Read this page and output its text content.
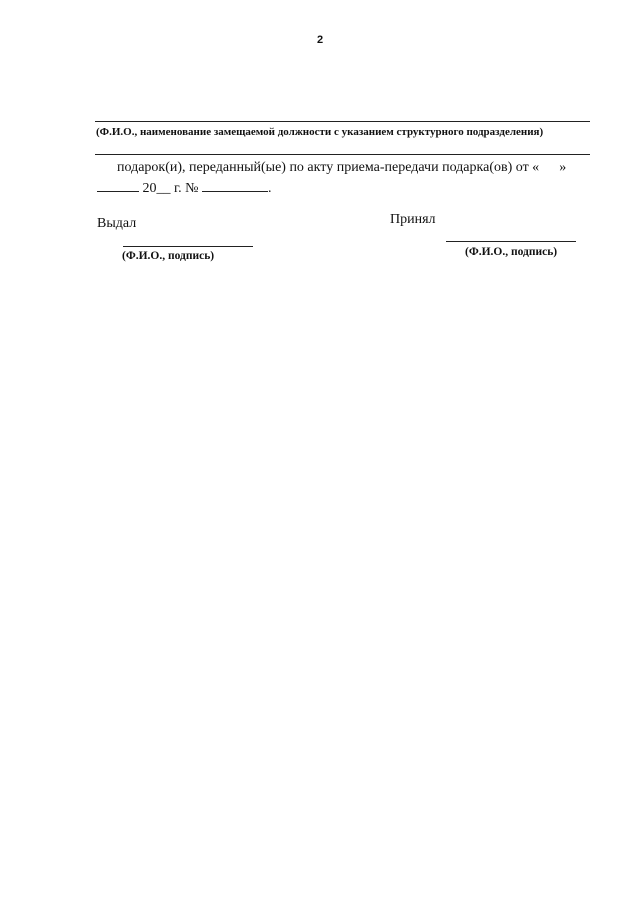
2
(Ф.И.О., наименование замещаемой должности с указанием структурного подразделения)
подарок(и), переданный(ые) по акту приема-передачи подарка(ов) от « »
20__ г. №	.
Выдал
(Ф.И.О., подпись)
Принял
(Ф.И.О., подпись)
